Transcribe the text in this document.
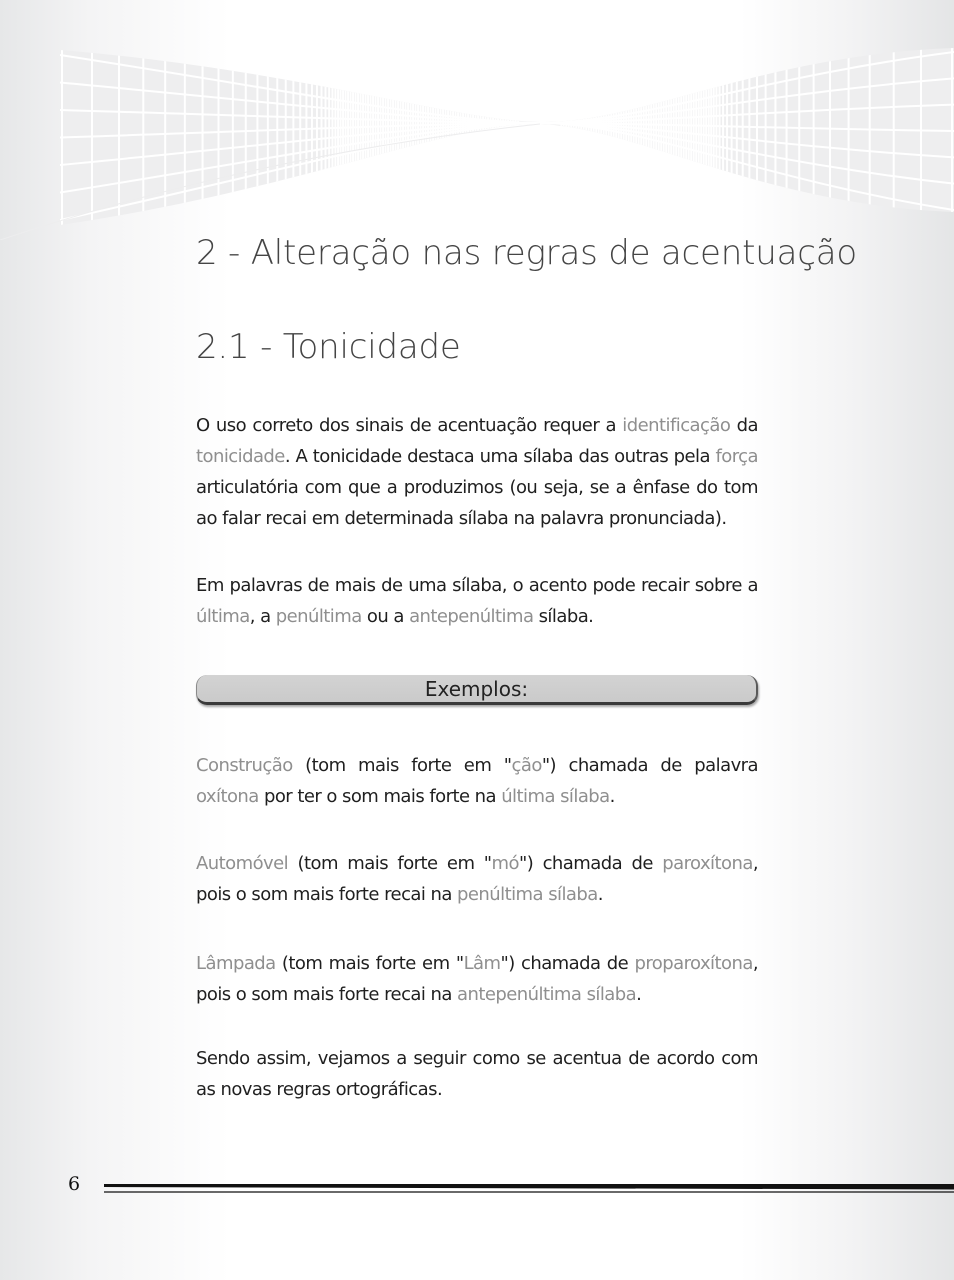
2 - Alteração nas regras de acentuação
2.1 - Tonicidade

O uso correto dos sinais de acentuação requer a identificação da tonicidade. A tonicidade destaca uma sílaba das outras pela força articulatória com que a produzimos (ou seja, se a ênfase do tom ao falar recai em determinada sílaba na palavra pronunciada).

Em palavras de mais de uma sílaba, o acento pode recair sobre a última, a penúltima ou a antepenúltima sílaba.

Exemplos:

Construção (tom mais forte em "ção") chamada de palavra oxítona por ter o som mais forte na última sílaba.

Automóvel (tom mais forte em "mó") chamada de paroxítona, pois o som mais forte recai na penúltima sílaba.

Lâmpada (tom mais forte em "Lâm") chamada de proparoxítona, pois o som mais forte recai na antepenúltima sílaba.

Sendo assim, vejamos a seguir como se acentua de acordo com as novas regras ortográficas.

6
